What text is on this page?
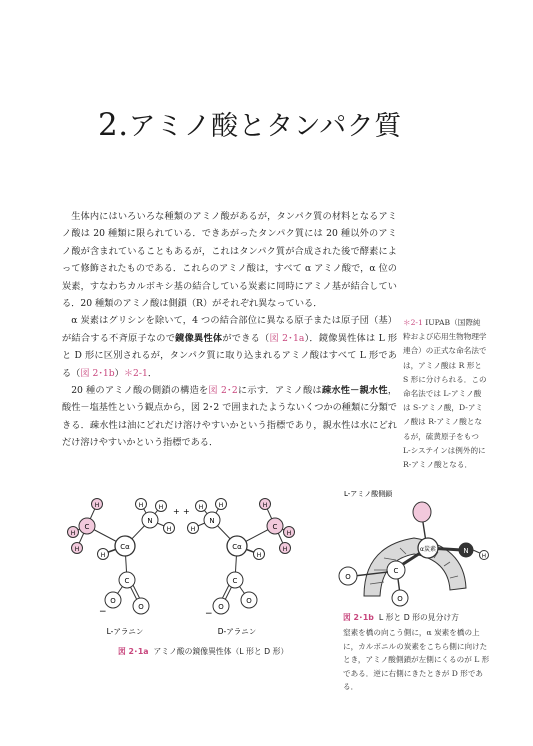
2.アミノ酸とタンパク質

生体内にはいろいろな種類のアミノ酸があるが，タンパク質の材料となるアミノ酸は 20 種類に限られている．できあがったタンパク質には 20 種以外のアミノ酸が含まれていることもあるが，これはタンパク質が合成された後で酵素によって修飾されたものである．これらのアミノ酸は，すべて α アミノ酸で，α 位の炭素，すなわちカルボキシ基の結合している炭素に同時にアミノ基が結合している．20 種類のアミノ酸は側鎖（R）がそれぞれ異なっている．

α 炭素はグリシンを除いて，4 つの結合部位に異なる原子または原子団（基）が結合する不斉原子なので鏡像異性体ができる（図 2･1a）．鏡像異性体は L 形と D 形に区別されるが，タンパク質に取り込まれるアミノ酸はすべて L 形である（図 2･1b）＊2-1．

20 種のアミノ酸の側鎖の構造を図 2･2に示す．アミノ酸は疎水性－親水性，酸性－塩基性という観点から，図 2･2 で囲まれたようないくつかの種類に分類できる．疎水性は油にどれだけ溶けやすいかという指標であり，親水性は水にどれだけ溶けやすいかという指標である．

＊2-1 IUPAB（国際純粋および応用生物物理学連合）の正式な命名法では，アミノ酸は R 形と S 形に分けられる．この命名法では L-アミノ酸は S-アミノ酸，D-アミノ酸は R-アミノ酸となるが，硫黄原子をもつ L-システインは例外的に R-アミノ酸となる．
C
H
H
H
H
Cα
N
H	H
H
+
C
O
O
−
L-アラニン
C
H
H
H
H
Cα
N
H
H
H
+
C
O
O
−
D-アラニン
図 2･1a アミノ酸の鏡像異性体（L 形と D 形）
L-アミノ酸側鎖
α炭素	N
H
C
O
O
図 2･1b L 形と D 形の見分け方
窒素を橋の向こう側に，α 炭素を橋の上に，カルボニルの炭素をこちら側に向けたとき，アミノ酸側鎖が左側にくるのが L 形である．逆に右側にきたときが D 形である．
